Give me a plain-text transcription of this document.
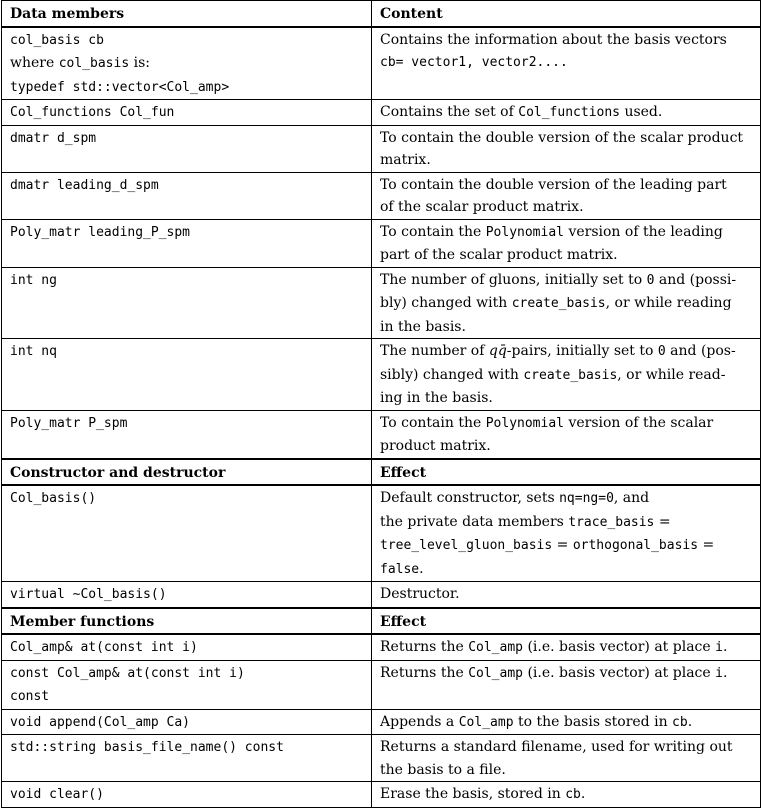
Data members	Content

col_basis cb
where col_basis is:
typedef std::vector<Col_amp>	Contains the information about the basis vectors
cb= vector1, vector2....

Col_functions Col_fun	Contains the set of Col_functions used.

dmatr d_spm	To contain the double version of the scalar product
matrix.

dmatr leading_d_spm	To contain the double version of the leading part
of the scalar product matrix.

Poly_matr leading_P_spm	To contain the Polynomial version of the leading
part of the scalar product matrix.

int ng	The number of gluons, initially set to 0 and (possi-
bly) changed with create_basis, or while reading
in the basis.

int nq	The number of qq̄-pairs, initially set to 0 and (pos-
sibly) changed with create_basis, or while read-
ing in the basis.

Poly_matr P_spm	To contain the Polynomial version of the scalar
product matrix.

Constructor and destructor	Effect

Col_basis()	Default constructor, sets nq=ng=0, and
the private data members trace_basis =
tree_level_gluon_basis = orthogonal_basis =
false.

virtual ∼Col_basis()	Destructor.

Member functions	Effect

Col_amp& at(const int i)	Returns the Col_amp (i.e. basis vector) at place i.

const Col_amp& at(const int i)
const	Returns the Col_amp (i.e. basis vector) at place i.

void append(Col_amp Ca)	Appends a Col_amp to the basis stored in cb.

std::string basis_file_name() const	Returns a standard filename, used for writing out
the basis to a file.

void clear()	Erase the basis, stored in cb.
